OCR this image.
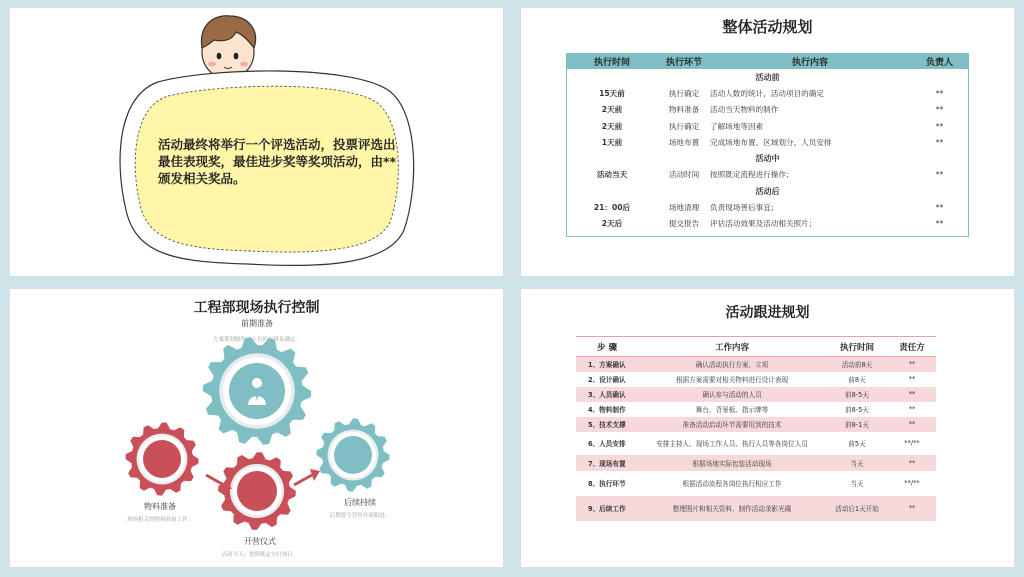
活动最终将举行一个评选活动，投票评选出最佳表现奖，最佳进步奖等奖项活动，由**颁发相关奖品。
整体活动规划
执行时间	执行环节	执行内容	负责人
活动前			
15天前	执行确定	活动人数的统计，活动项目的确定	**
2天前	物料准备	活动当天物料的制作	**
2天前	执行确定	了解场地等因素	**
1天前	场地布置	完成场地布置、区域划分、人员安排	**
活动中			
活动当天	活动时间	按照既定流程进行操作；	**
活动后			
21：00后	场地清理	负责现场善后事宜；	**
2天后	提交报告	评估活动效果及活动相关照片；	**
工程部现场执行控制
前期准备
方案策划制作，人员的安排及确定。
物料准备
现场相关的物料准备工作。
开营仪式
活动当天，按照既定方针执行。
后续持续
后期要令管控开展跟进。
活动跟进规划
步 骤	工作内容	执行时间	责任方
1、方案确认	确认活动执行方案、立项	活动前8天	**
2、设计确认	根据方案需要对相关物料进行设计表现	前8天	**
3、人员确认	确认参与活动的人员	前8-5天	**
4、物料制作	舞台、背景板、指示牌等	前8-5天	**
5、技术支撑	准备活动启动环节需要用到的技术	前8-1天	**
6、人员安排	安排主持人、现场工作人员、执行人员等各岗位人员	前5天	**/**
7、现场布置	根据场地实际包装活动现场	当天	**
8、执行环节	根据活动流程各岗位执行相应工作	当天	**/**
9、后续工作	整理照片和相关资料、制作活动录影光碟	活动后1天开始	**
